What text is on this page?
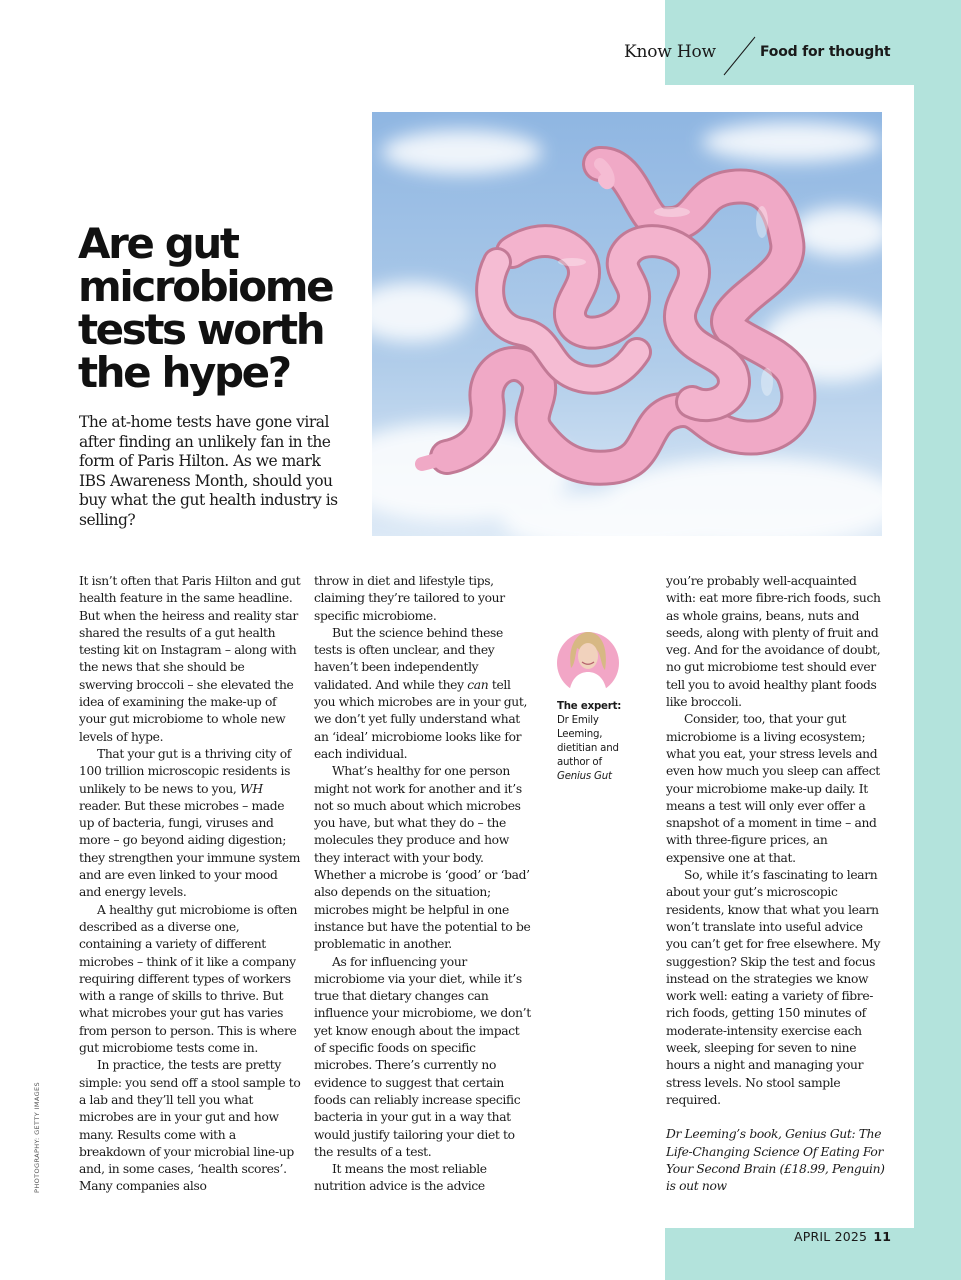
Know How	Food for thought
Are gut microbiome tests worth the hype?

The at-home tests have gone viral after finding an unlikely fan in the form of Paris Hilton. As we mark IBS Awareness Month, should you buy what the gut health industry is selling?

It isn’t often that Paris Hilton and gut health feature in the same headline. But when the heiress and reality star shared the results of a gut health testing kit on Instagram – along with the news that she should be swerving broccoli – she elevated the idea of examining the make-up of your gut microbiome to whole new levels of hype.

That your gut is a thriving city of 100 trillion microscopic residents is unlikely to be news to you, WH reader. But these microbes – made up of bacteria, fungi, viruses and more – go beyond aiding digestion; they strengthen your immune system and are even linked to your mood and energy levels.

A healthy gut microbiome is often described as a diverse one, containing a variety of different microbes – think of it like a company requiring different types of workers with a range of skills to thrive. But what microbes your gut has varies from person to person. This is where gut microbiome tests come in.

In practice, the tests are pretty simple: you send off a stool sample to a lab and they’ll tell you what microbes are in your gut and how many. Results come with a breakdown of your microbial line-up and, in some cases, ‘health scores’. Many companies also

throw in diet and lifestyle tips, claiming they’re tailored to your specific microbiome.

But the science behind these tests is often unclear, and they haven’t been independently validated. And while they can tell you which microbes are in your gut, we don’t yet fully understand what an ‘ideal’ microbiome looks like for each individual.

What’s healthy for one person might not work for another and it’s not so much about which microbes you have, but what they do – the molecules they produce and how they interact with your body. Whether a microbe is ‘good’ or ‘bad’ also depends on the situation; microbes might be helpful in one instance but have the potential to be problematic in another.

As for influencing your microbiome via your diet, while it’s true that dietary changes can influence your microbiome, we don’t yet know enough about the impact of specific foods on specific microbes. There’s currently no evidence to suggest that certain foods can reliably increase specific bacteria in your gut in a way that would justify tailoring your diet to the results of a test.

It means the most reliable nutrition advice is the advice

The expert:
Dr Emily Leeming, dietitian and author of Genius Gut

you’re probably well-acquainted with: eat more fibre-rich foods, such as whole grains, beans, nuts and seeds, along with plenty of fruit and veg. And for the avoidance of doubt, no gut microbiome test should ever tell you to avoid healthy plant foods like broccoli.

Consider, too, that your gut microbiome is a living ecosystem; what you eat, your stress levels and even how much you sleep can affect your microbiome make-up daily. It means a test will only ever offer a snapshot of a moment in time – and with three-figure prices, an expensive one at that.

So, while it’s fascinating to learn about your gut’s microscopic residents, know that what you learn won’t translate into useful advice you can’t get for free elsewhere. My suggestion? Skip the test and focus instead on the strategies we know work well: eating a variety of fibre-rich foods, getting 150 minutes of moderate-intensity exercise each week, sleeping for seven to nine hours a night and managing your stress levels. No stool sample required.

Dr Leeming’s book, Genius Gut: The Life-Changing Science Of Eating For Your Second Brain (£18.99, Penguin) is out now

PHOTOGRAPHY: GETTY IMAGES
APRIL 2025 11
